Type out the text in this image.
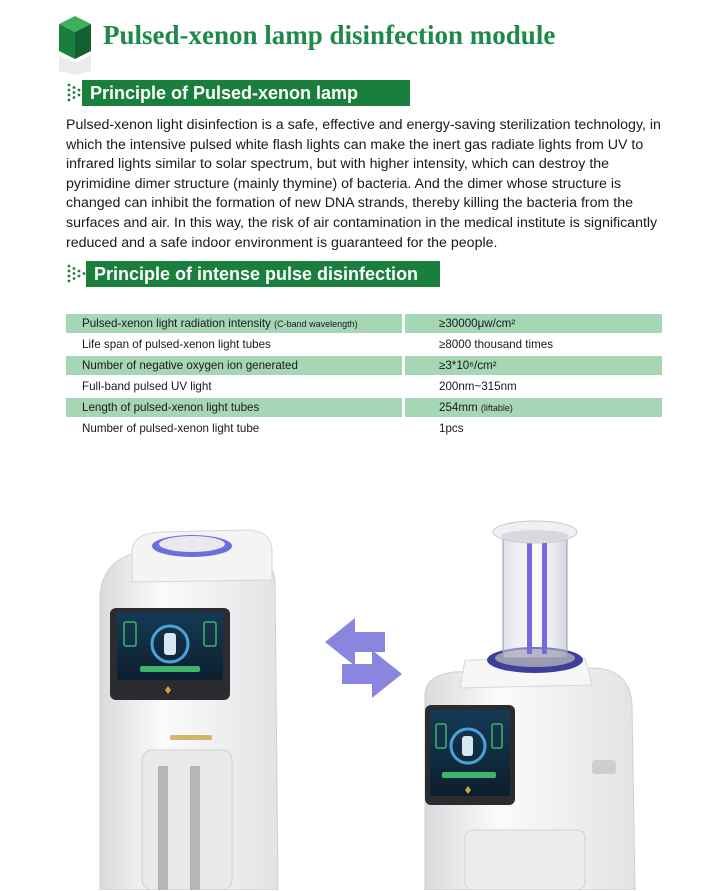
Pulsed-xenon lamp disinfection module
Principle of Pulsed-xenon lamp
Pulsed-xenon light disinfection is a safe, effective and energy-saving sterilization technology, in which the intensive pulsed white flash lights can make the inert gas radiate lights from UV to infrared lights similar to solar spectrum, but with higher intensity, which can destroy the pyrimidine dimer structure (mainly thymine) of bacteria. And the dimer whose structure is changed can inhibit the formation of new DNA strands, thereby killing the bacteria from the surfaces and air. In this way, the risk of air contamination in the medical institute is significantly reduced and a safe indoor environment is guaranteed for the people.
Principle of intense pulse disinfection
Pulsed-xenon light radiation intensity (C-band wavelength)	≥30000μw/cm²
Life span of pulsed-xenon light tubes	≥8000 thousand times
Number of negative oxygen ion generated	≥3*10⁶/cm²
Full-band pulsed UV light	200nm~315nm
Length of pulsed-xenon light tubes	254mm (liftable)
Number of pulsed-xenon light tube	1pcs
